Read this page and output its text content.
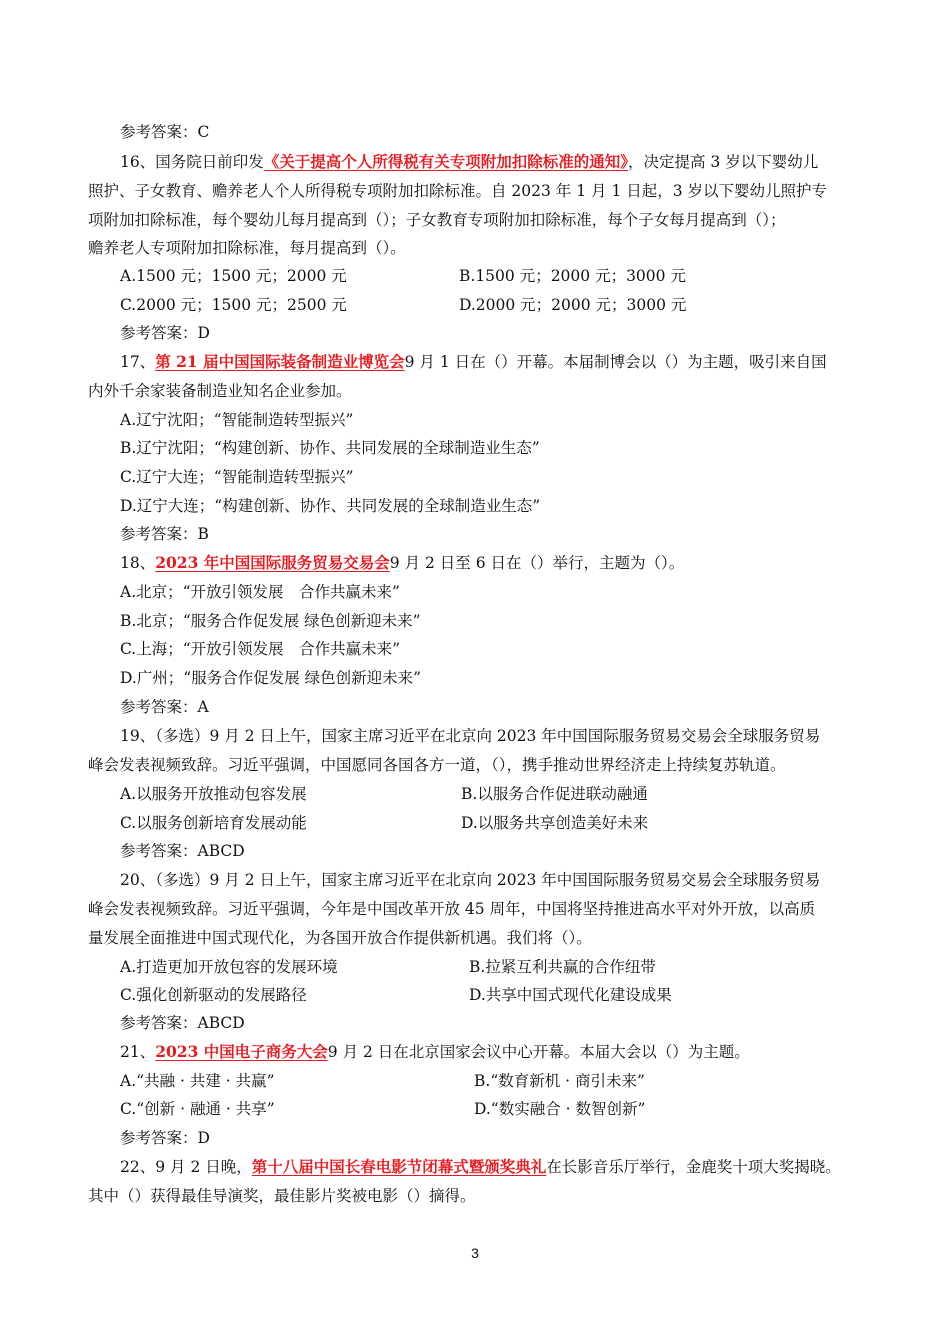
参考答案：C
16、国务院日前印发《关于提高个人所得税有关专项附加扣除标准的通知》，决定提高 3 岁以下婴幼儿
照护、子女教育、赡养老人个人所得税专项附加扣除标准。自 2023 年 1 月 1 日起，3 岁以下婴幼儿照护专
项附加扣除标准，每个婴幼儿每月提高到（）；子女教育专项附加扣除标准，每个子女每月提高到（）；
赡养老人专项附加扣除标准，每月提高到（）。
A.1500 元；1500 元；2000 元	B.1500 元；2000 元；3000 元
C.2000 元；1500 元；2500 元	D.2000 元；2000 元；3000 元
参考答案：D
17、第 21 届中国国际装备制造业博览会9 月 1 日在（）开幕。本届制博会以（）为主题，吸引来自国
内外千余家装备制造业知名企业参加。
A.辽宁沈阳；“智能制造转型振兴”
B.辽宁沈阳；“构建创新、协作、共同发展的全球制造业生态”
C.辽宁大连；“智能制造转型振兴”
D.辽宁大连；“构建创新、协作、共同发展的全球制造业生态”
参考答案：B
18、2023 年中国国际服务贸易交易会9 月 2 日至 6 日在（）举行，主题为（）。
A.北京；“开放引领发展　合作共赢未来”
B.北京；“服务合作促发展 绿色创新迎未来”
C.上海；“开放引领发展　合作共赢未来”
D.广州；“服务合作促发展 绿色创新迎未来”
参考答案：A
19、（多选）9 月 2 日上午，国家主席习近平在北京向 2023 年中国国际服务贸易交易会全球服务贸易
峰会发表视频致辞。习近平强调，中国愿同各国各方一道，（），携手推动世界经济走上持续复苏轨道。
A.以服务开放推动包容发展	B.以服务合作促进联动融通
C.以服务创新培育发展动能	D.以服务共享创造美好未来
参考答案：ABCD
20、（多选）9 月 2 日上午，国家主席习近平在北京向 2023 年中国国际服务贸易交易会全球服务贸易
峰会发表视频致辞。习近平强调，今年是中国改革开放 45 周年，中国将坚持推进高水平对外开放，以高质
量发展全面推进中国式现代化，为各国开放合作提供新机遇。我们将（）。
A.打造更加开放包容的发展环境	B.拉紧互利共赢的合作纽带
C.强化创新驱动的发展路径	D.共享中国式现代化建设成果
参考答案：ABCD
21、2023 中国电子商务大会9 月 2 日在北京国家会议中心开幕。本届大会以（）为主题。
A.“共融 · 共建 · 共赢”	B.“数育新机 · 商引未来”
C.“创新 · 融通 · 共享”	D.“数实融合 · 数智创新”
参考答案：D
22、9 月 2 日晚，第十八届中国长春电影节闭幕式暨颁奖典礼在长影音乐厅举行，金鹿奖十项大奖揭晓。
其中（）获得最佳导演奖，最佳影片奖被电影（）摘得。
3
